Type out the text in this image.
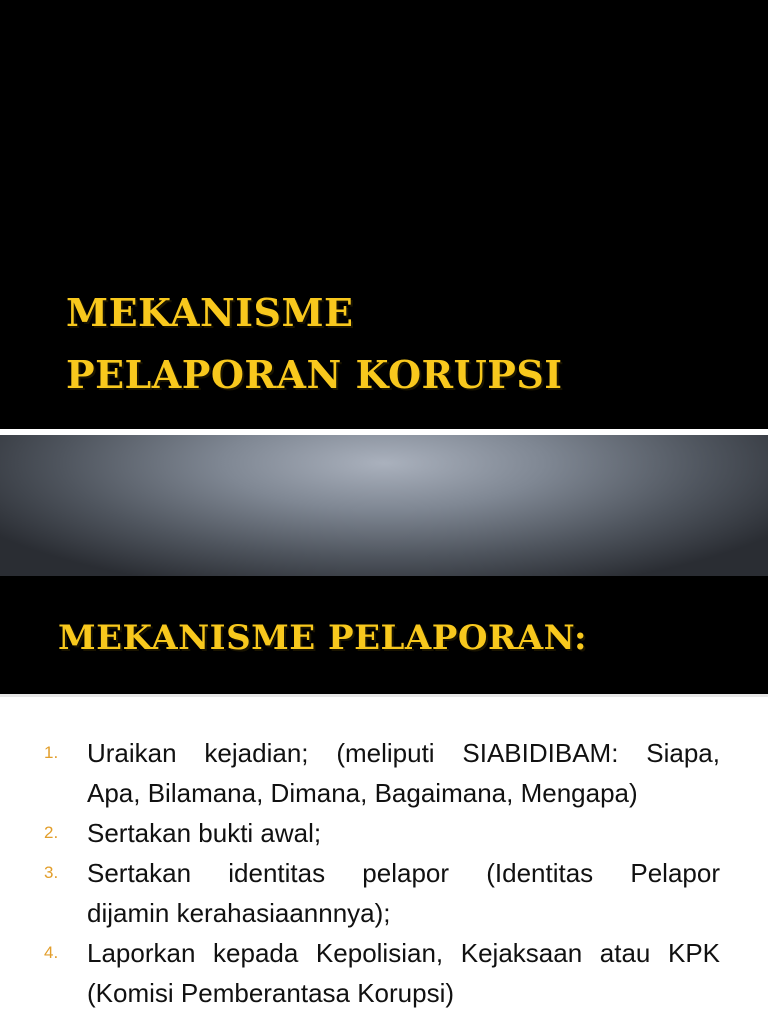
MEKANISME
PELAPORAN KORUPSI
MEKANISME PELAPORAN:
1. Uraikan kejadian; (meliputi SIABIDIBAM: Siapa,
Apa, Bilamana, Dimana, Bagaimana, Mengapa)
2. Sertakan bukti awal;
3. Sertakan identitas pelapor (Identitas Pelapor
dijamin kerahasiaannnya);
4. Laporkan kepada Kepolisian, Kejaksaan atau KPK
(Komisi Pemberantasa Korupsi)
